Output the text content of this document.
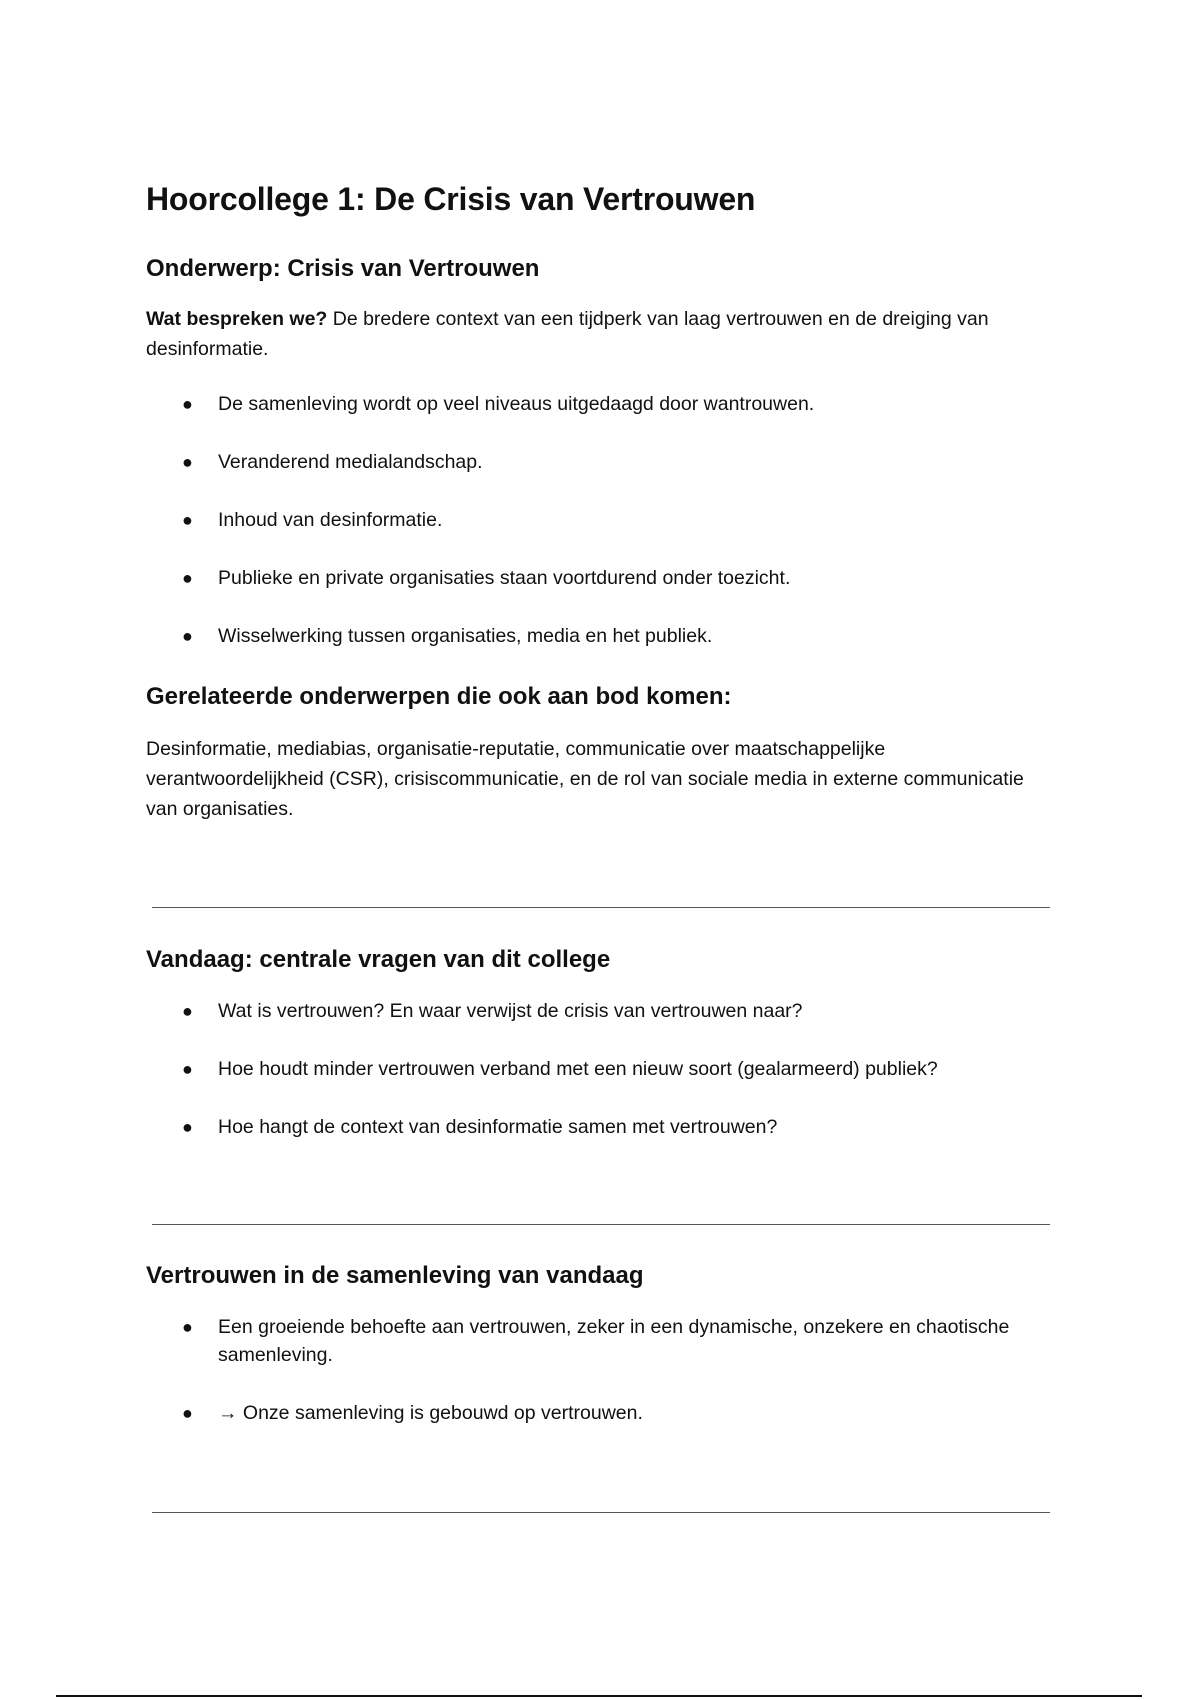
Hoorcollege 1: De Crisis van Vertrouwen
Onderwerp: Crisis van Vertrouwen

Wat bespreken we? De bredere context van een tijdperk van laag vertrouwen en de dreiging van desinformatie.

● De samenleving wordt op veel niveaus uitgedaagd door wantrouwen.
● Veranderend medialandschap.
● Inhoud van desinformatie.
● Publieke en private organisaties staan voortdurend onder toezicht.
● Wisselwerking tussen organisaties, media en het publiek.
Gerelateerde onderwerpen die ook aan bod komen:

Desinformatie, mediabias, organisatie-reputatie, communicatie over maatschappelijke verantwoordelijkheid (CSR), crisiscommunicatie, en de rol van sociale media in externe communicatie van organisaties.

Vandaag: centrale vragen van dit college
● Wat is vertrouwen? En waar verwijst de crisis van vertrouwen naar?
● Hoe houdt minder vertrouwen verband met een nieuw soort (gealarmeerd) publiek?
● Hoe hangt de context van desinformatie samen met vertrouwen?
Vertrouwen in de samenleving van vandaag
● Een groeiende behoefte aan vertrouwen, zeker in een dynamische, onzekere en chaotische samenleving.
● → Onze samenleving is gebouwd op vertrouwen.
